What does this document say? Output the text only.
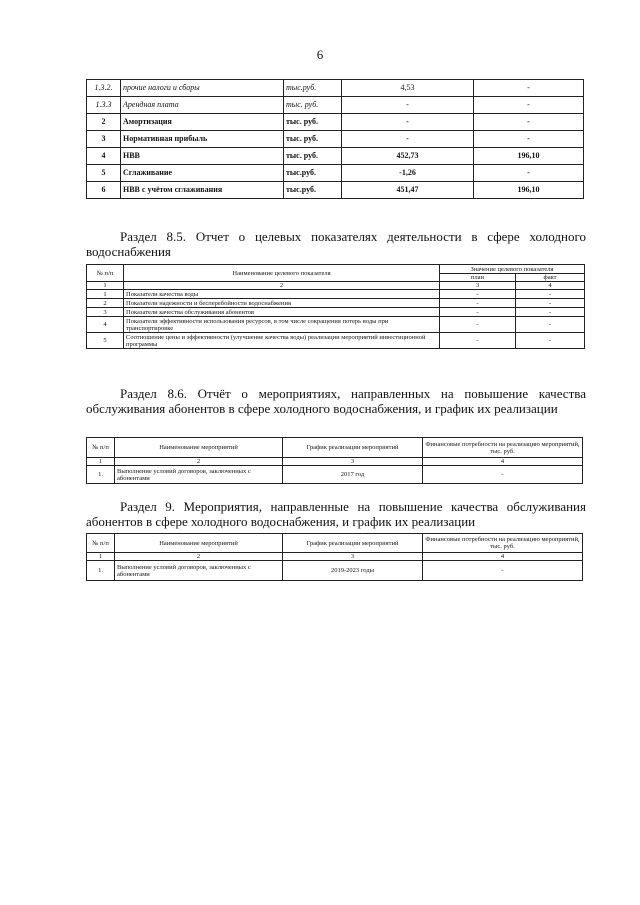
6
1.3.2.	прочие налоги и сборы	тыс.руб.	4,53	-
1.3.3	Арендная плата	тыс. руб.	-	-
2	Амортизация	тыс. руб.	-	-
3	Нормативная прибыль	тыс. руб.	-	-
4	НВВ	тыс. руб.	452,73	196,10
5	Сглаживание	тыс.руб.	-1,26	-
6	НВВ с учётом сглаживания	тыс.руб.	451,47	196,10
Раздел 8.5. Отчет о целевых показателях деятельности в сфере холодного водоснабжения
№ п/п	Наименование целевого показателя	Значение целевого показателя	
		план	факт
1	2	3	4
1	Показатели качества воды	-	-
2	Показатели надежности и бесперебойности водоснабжения	-	-
3	Показатели качества обслуживания абонентов	-	-
4	Показатели эффективности использования ресурсов, в том числе сокращения потерь воды при транспортировке	-	-
5	Соотношение цены и эффективности (улучшение качества воды) реализации мероприятий инвестиционной программы	-	-
Раздел 8.6. Отчёт о мероприятиях, направленных на повышение качества обслуживания абонентов в сфере холодного водоснабжения, и график их реализации
№ п/п	Наименование мероприятий	График реализации мероприятий	Финансовые потребности на реализацию мероприятий, тыс. руб.
1	2	3	4
1.	Выполнение условий договоров, заключенных с абонентами	2017 год	-
Раздел 9. Мероприятия, направленные на повышение качества обслуживания абонентов в сфере холодного водоснабжения, и график их реализации
№ п/п	Наименование мероприятий	График реализации мероприятий	Финансовые потребности на реализацию мероприятий, тыс. руб.
1	2	3	4
1.	Выполнение условий договоров, заключенных с абонентами	2019-2023 годы	-
